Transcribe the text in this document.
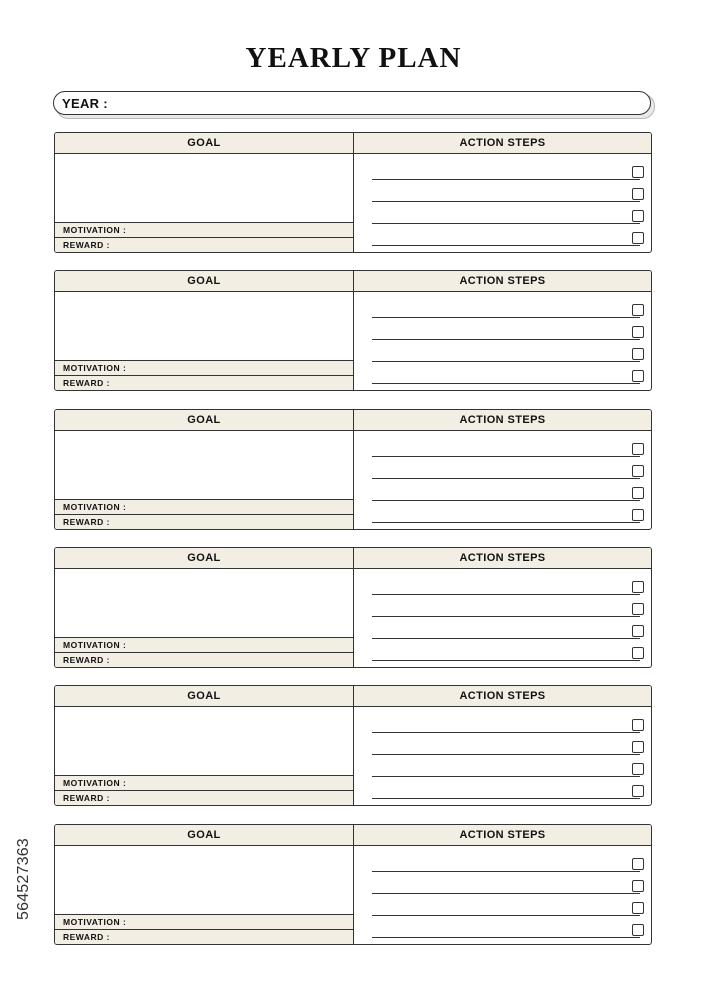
YEARLY PLAN
YEAR :
GOAL	ACTION STEPS
MOTIVATION :
REWARD :
GOAL	ACTION STEPS
MOTIVATION :
REWARD :
GOAL	ACTION STEPS
MOTIVATION :
REWARD :
GOAL	ACTION STEPS
MOTIVATION :
REWARD :
GOAL	ACTION STEPS
MOTIVATION :
REWARD :
GOAL	ACTION STEPS
MOTIVATION :
REWARD :
564527363
